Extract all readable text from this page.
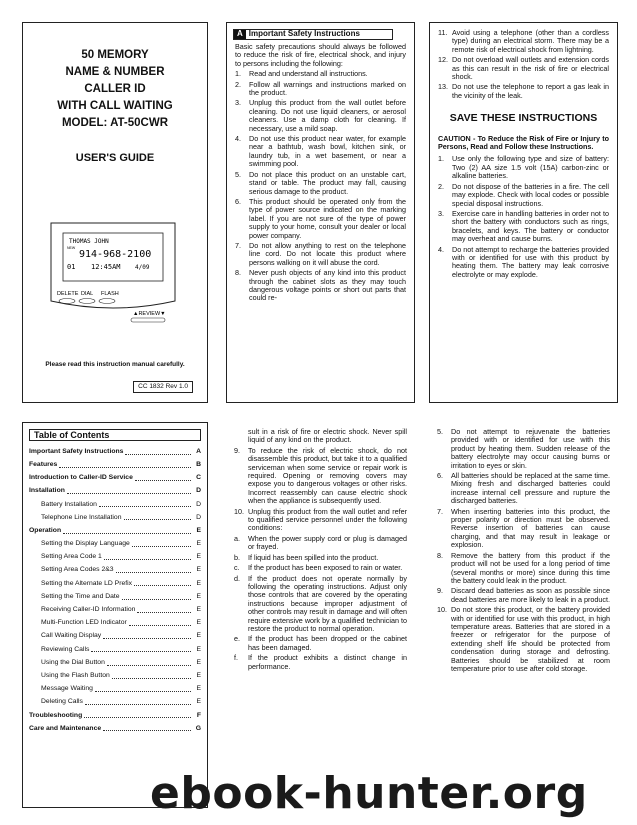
50 MEMORY
NAME & NUMBER
CALLER ID
WITH CALL WAITING
MODEL: AT-50CWR
USER'S GUIDE
THOMAS JOHN
NEW
914-968-2100
01 12:45AM 4/09
DELETE DIAL FLASH
▲REVIEW▼
Please read this instruction manual carefully.
CC 1832 Rev 1.0
A Important Safety Instructions

Basic safety precautions should always be followed to reduce the risk of fire, electrical shock, and injury to persons including the following:

1.	Read and understand all instructions.
2.	Follow all warnings and instructions marked on the product.
3.	Unplug this product from the wall outlet before cleaning. Do not use liquid cleaners, or aerosol cleaners. Use a damp cloth for cleaning. If necessary, use a mild soap.
4.	Do not use this product near water, for example near a bathtub, wash bowl, kitchen sink, or laundry tub, in a wet basement, or near a swimming pool.
5.	Do not place this product on an unstable cart, stand or table. The product may fall, causing serious damage to the product.
6.	This product should be operated only from the type of power source indicated on the marking label. If you are not sure of the type of power supply to your home, consult your dealer or local power company.
7.	Do not allow anything to rest on the telephone line cord. Do not locate this product where persons walking on it will abuse the cord.
8.	Never push objects of any kind into this product through the cabinet slots as they may touch dangerous voltage points or short out parts that could re-
11. Avoid using a telephone (other than a cordless type) during an electrical storm. There may be a remote risk of electrical shock from lightning.
12. Do not overload wall outlets and extension cords as this can result in the risk of fire or electrical shock.
13. Do not use the telephone to report a gas leak in the vicinity of the leak.
SAVE THESE INSTRUCTIONS

CAUTION - To Reduce the Risk of Fire or Injury to Persons, Read and Follow these Instructions.

1.	Use only the following type and size of battery: Two (2) AA size 1.5 volt (15A) carbon-zinc or alkaline batteries.
2.	Do not dispose of the batteries in a fire. The cell may explode. Check with local codes or possible special disposal instructions.
3.	Exercise care in handling batteries in order not to short the battery with conductors such as rings, bracelets, and keys. The battery or conductor may overheat and cause burns.
4.	Do not attempt to recharge the batteries provided with or identified for use with this product by heating them. The battery may leak corrosive electrolyte or may explode.
Table of Contents
Important Safety Instructions	A
Features	B
Introduction to Caller-ID Service	C
Installation	D
Battery Installation	D
Telephone Line Installation	D
Operation	E
Setting the Display Language	E
Setting Area Code 1	E
Setting Area Codes 2&3	E
Setting the Alternate LD Prefix	E
Setting the Time and Date	E
Receiving Caller-ID Information	E
Multi-Function LED Indicator	E
Call Waiting Display	E
Reviewing Calls	E
Using the Dial Button	E
Using the Flash Button	E
Message Waiting	E
Deleting Calls	E
Troubleshooting	F
Care and Maintenance	G

sult in a risk of fire or electric shock. Never spill liquid of any kind on the product.

9.	To reduce the risk of electric shock, do not disassemble this product, but take it to a qualified serviceman when some service or repair work is required. Opening or removing covers may expose you to dangerous voltages or other risks. Incorrect reassembly can cause electric shock when the appliance is subsequently used.
10. Unplug this product from the wall outlet and refer to qualified service personnel under the following conditions:
a.	When the power supply cord or plug is damaged or frayed.
b.	If liquid has been spilled into the product.
c.	If the product has been exposed to rain or water.
d.	If the product does not operate normally by following the operating instructions. Adjust only those controls that are covered by the operating instructions because improper adjustment of other controls may result in damage and will often require extensive work by a qualified technician to restore the product to normal operation.
e.	If the product has been dropped or the cabinet has been damaged.
f.	If the product exhibits a distinct change in performance.
5.	Do not attempt to rejuvenate the batteries provided with or identified for use with this product by heating them. Sudden release of the battery electrolyte may occur causing burns or irritation to eyes or skin.
6.	All batteries should be replaced at the same time. Mixing fresh and discharged batteries could increase internal cell pressure and rupture the discharged batteries.
7.	When inserting batteries into this product, the proper polarity or direction must be observed. Reverse insertion of batteries can cause charging, and that may result in leakage or explosion.
8.	Remove the battery from this product if the product will not be used for a long period of time (several months or more) since during this time the battery could leak in the product.
9.	Discard dead batteries as soon as possible since dead batteries are more likely to leak in a product.
10. Do not store this product, or the battery provided with or identified for use with this product, in high temperature areas. Batteries that are stored in a freezer or refrigerator for the purpose of extending shelf life should be protected from condensation during storage and defrosting. Batteries should be stabilized at room temperature prior to use after cold storage.
ebook-hunter.org
